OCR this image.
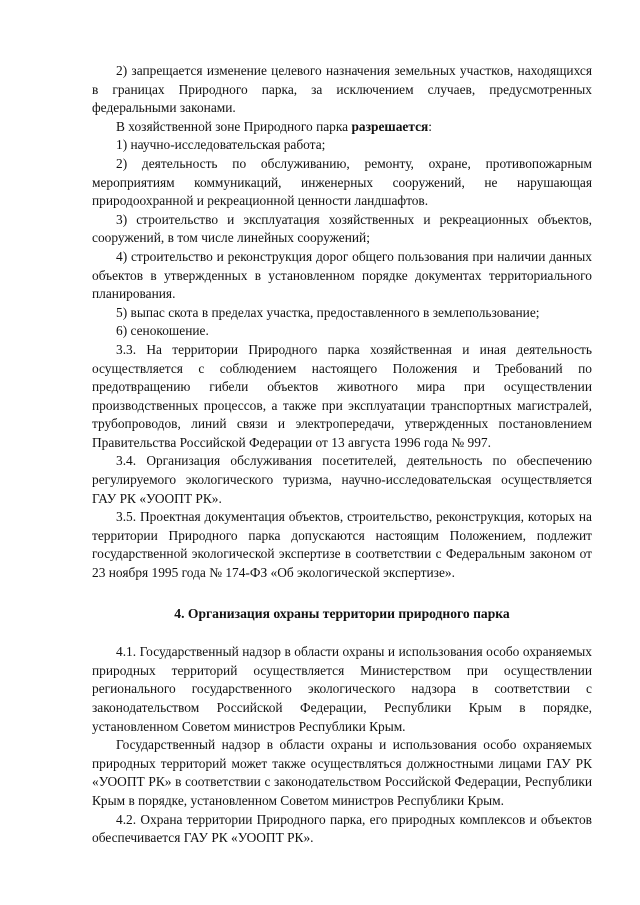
2) запрещается изменение целевого назначения земельных участков, находящихся в границах Природного парка, за исключением случаев, предусмотренных федеральными законами.

В хозяйственной зоне Природного парка разрешается:

1) научно-исследовательская работа;

2) деятельность по обслуживанию, ремонту, охране, противопожарным мероприятиям коммуникаций, инженерных сооружений, не нарушающая природоохранной и рекреационной ценности ландшафтов.

3) строительство и эксплуатация хозяйственных и рекреационных объектов, сооружений, в том числе линейных сооружений;

4) строительство и реконструкция дорог общего пользования при наличии данных объектов в утвержденных в установленном порядке документах территориального планирования.

5) выпас скота в пределах участка, предоставленного в землепользование;

6) сенокошение.

3.3. На территории Природного парка хозяйственная и иная деятельность осуществляется с соблюдением настоящего Положения и Требований по предотвращению гибели объектов животного мира при осуществлении производственных процессов, а также при эксплуатации транспортных магистралей, трубопроводов, линий связи и электропередачи, утвержденных постановлением Правительства Российской Федерации от 13 августа 1996 года № 997.

3.4. Организация обслуживания посетителей, деятельность по обеспечению регулируемого экологического туризма, научно-исследовательская осуществляется ГАУ РК «УООПТ РК».

3.5. Проектная документация объектов, строительство, реконструкция, которых на территории Природного парка допускаются настоящим Положением, подлежит государственной экологической экспертизе в соответствии с Федеральным законом от 23 ноября 1995 года № 174-ФЗ «Об экологической экспертизе».

4. Организация охраны территории природного парка

4.1. Государственный надзор в области охраны и использования особо охраняемых природных территорий осуществляется Министерством при осуществлении регионального государственного экологического надзора в соответствии с законодательством Российской Федерации, Республики Крым в порядке, установленном Советом министров Республики Крым.

Государственный надзор в области охраны и использования особо охраняемых природных территорий может также осуществляться должностными лицами ГАУ РК «УООПТ РК» в соответствии с законодательством Российской Федерации, Республики Крым в порядке, установленном Советом министров Республики Крым.

4.2. Охрана территории Природного парка, его природных комплексов и объектов обеспечивается ГАУ РК «УООПТ РК».
